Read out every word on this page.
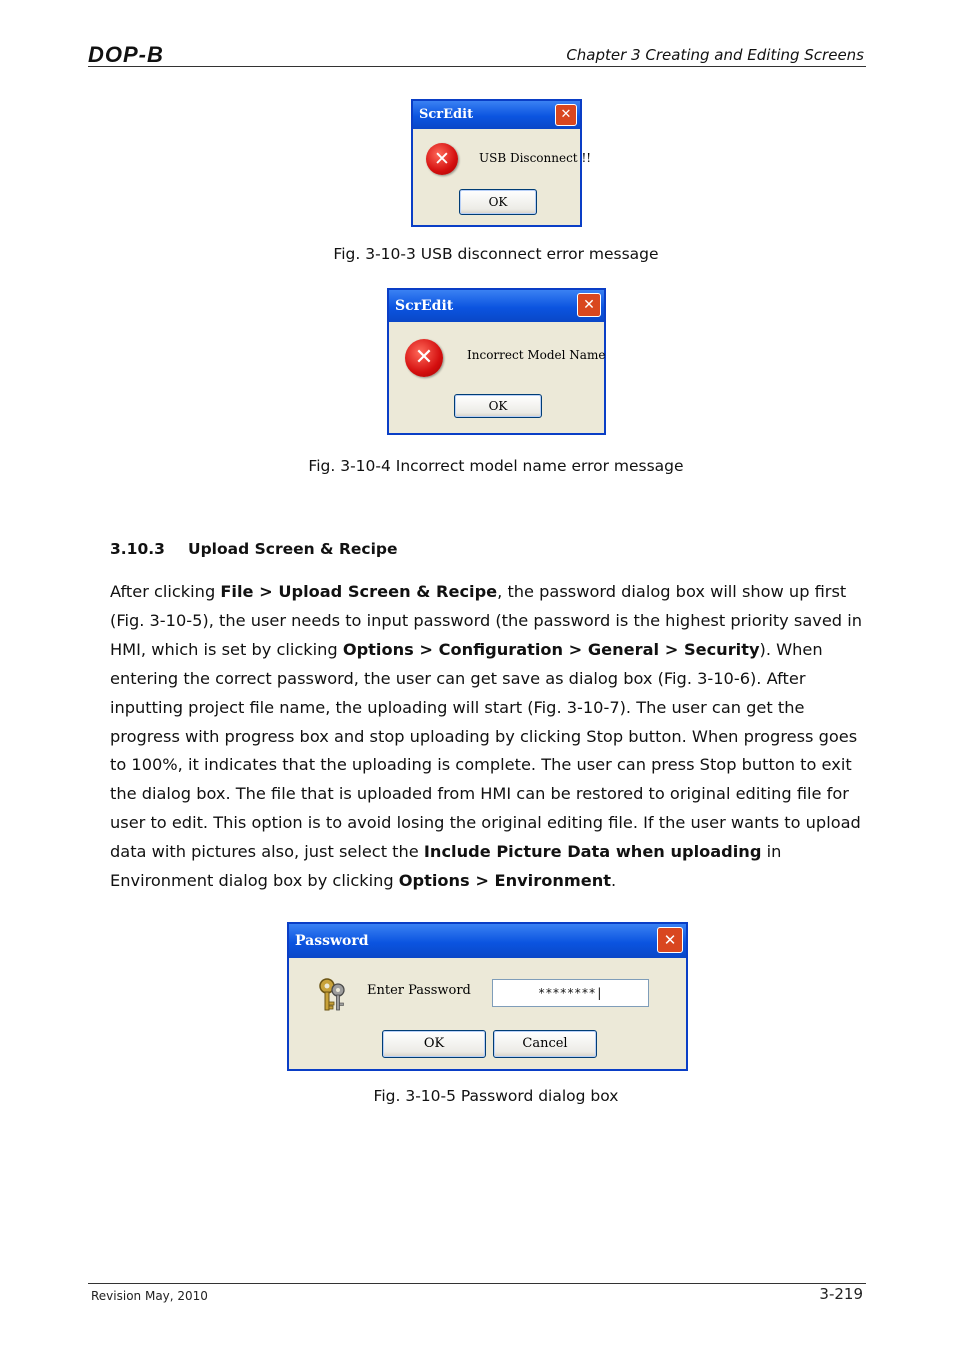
DOP-B	Chapter 3 Creating and Editing Screens
ScrEdit	✕
✕	USB Disconnect !!
OK
Fig. 3-10-3 USB disconnect error message
ScrEdit	✕
✕	Incorrect Model Name
OK
Fig. 3-10-4 Incorrect model name error message
3.10.3 Upload Screen & Recipe
After clicking File > Upload Screen & Recipe, the password dialog box will show up first (Fig. 3-10-5), the user needs to input password (the password is the highest priority saved in HMI, which is set by clicking Options > Configuration > General > Security). When entering the correct password, the user can get save as dialog box (Fig. 3-10-6). After inputting project file name, the uploading will start (Fig. 3-10-7). The user can get the progress with progress box and stop uploading by clicking Stop button. When progress goes to 100%, it indicates that the uploading is complete. The user can press Stop button to exit the dialog box. The file that is uploaded from HMI can be restored to original editing file for user to edit. This option is to avoid losing the original editing file. If the user wants to upload data with pictures also, just select the Include Picture Data when uploading in Environment dialog box by clicking Options > Environment.
Password	✕
Enter Password	********|
OK	Cancel
Fig. 3-10-5 Password dialog box
Revision May, 2010	3-219
